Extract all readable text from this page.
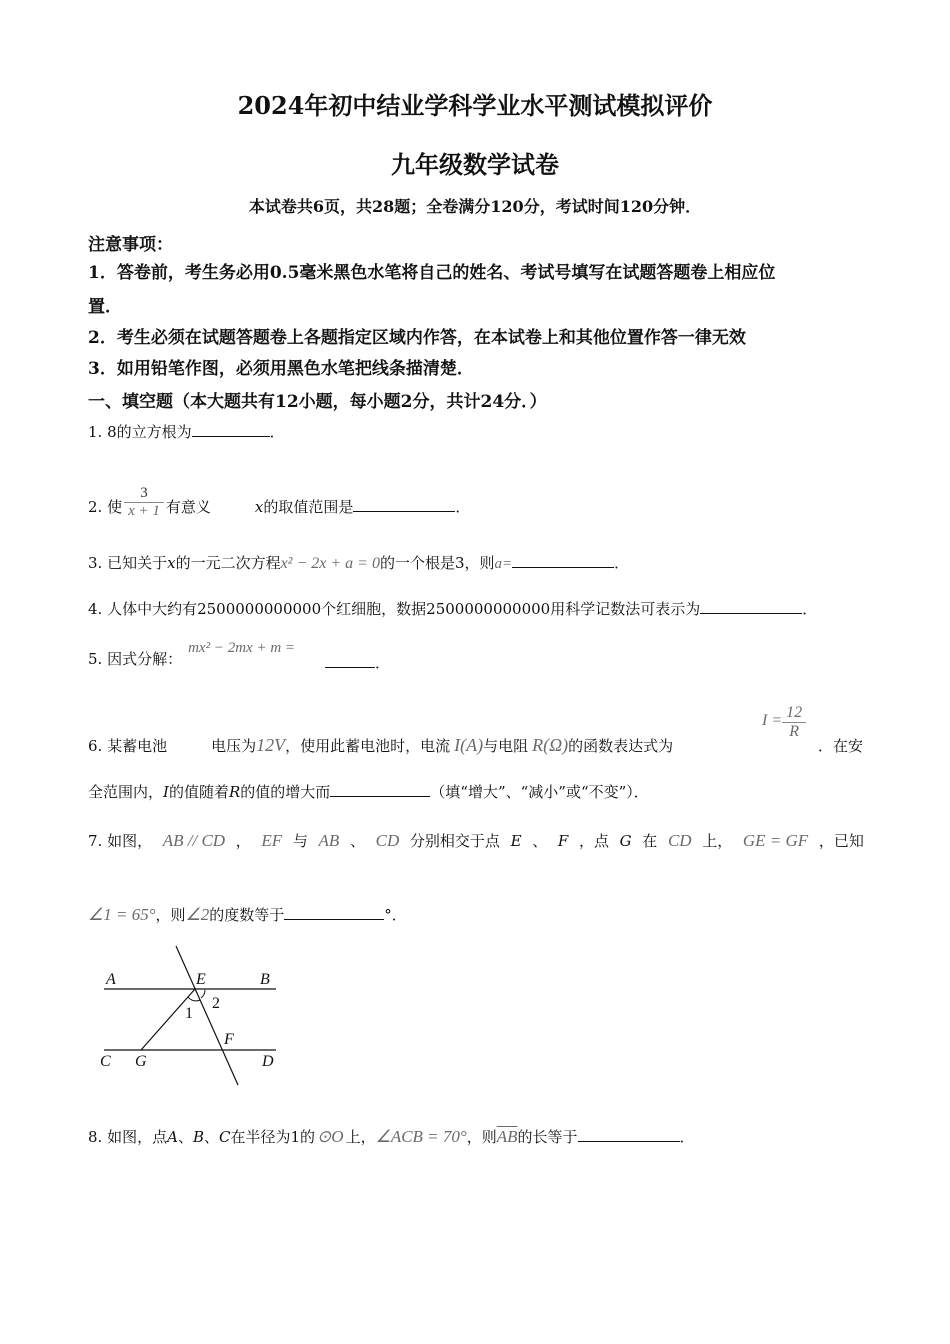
2024年初中结业学科学业水平测试模拟评价
九年级数学试卷
本试卷共6页，共28题；全卷满分120分，考试时间120分钟．
注意事项：
1．答卷前，考生务必用0.5毫米黑色水笔将自己的姓名、考试号填写在试题答题卷上相应位
置．
2．考生必须在试题答题卷上各题指定区域内作答，在本试卷上和其他位置作答一律无效
3．如用铅笔作图，必须用黑色水笔把线条描清楚．
一、填空题（本大题共有12小题，每小题2分，共计24分．）
1. 8的立方根为	．
2. 使 $\frac{3}{x + 1}$ 有意义	x的取值范围是	．
3. 已知关于x的一元二次方程x² − 2x + a = 0的一个根是3，则a=	．
4. 人体中大约有2500000000000个红细胞，数据2500000000000用科学记数法可表示为	．
5. 因式分解：mx² − 2mx + m =
．
6. 某蓄电池	电压为12V，使用此蓄电池时，电流 I(A)与电阻 R(Ω)的函数表达式为
$I = \frac{12}{R}$
．在安
全范围内，I的值随着R的值的增大而	（填“增大”、“减小”或“不变”）．
7. 如图， AB // CD ， EF 与 AB 、 CD 分别相交于点 E 、 F ，点 G 在 CD 上， GE = GF ，已知
∠1 = 65°，则∠2的度数等于	°．
A	E	B
2
1
F
C G	D
8. 如图，点A、B、C在半径为1的 ⊙O 上，∠ACB = 70°，则$\overline{AB}$的长等于	．
